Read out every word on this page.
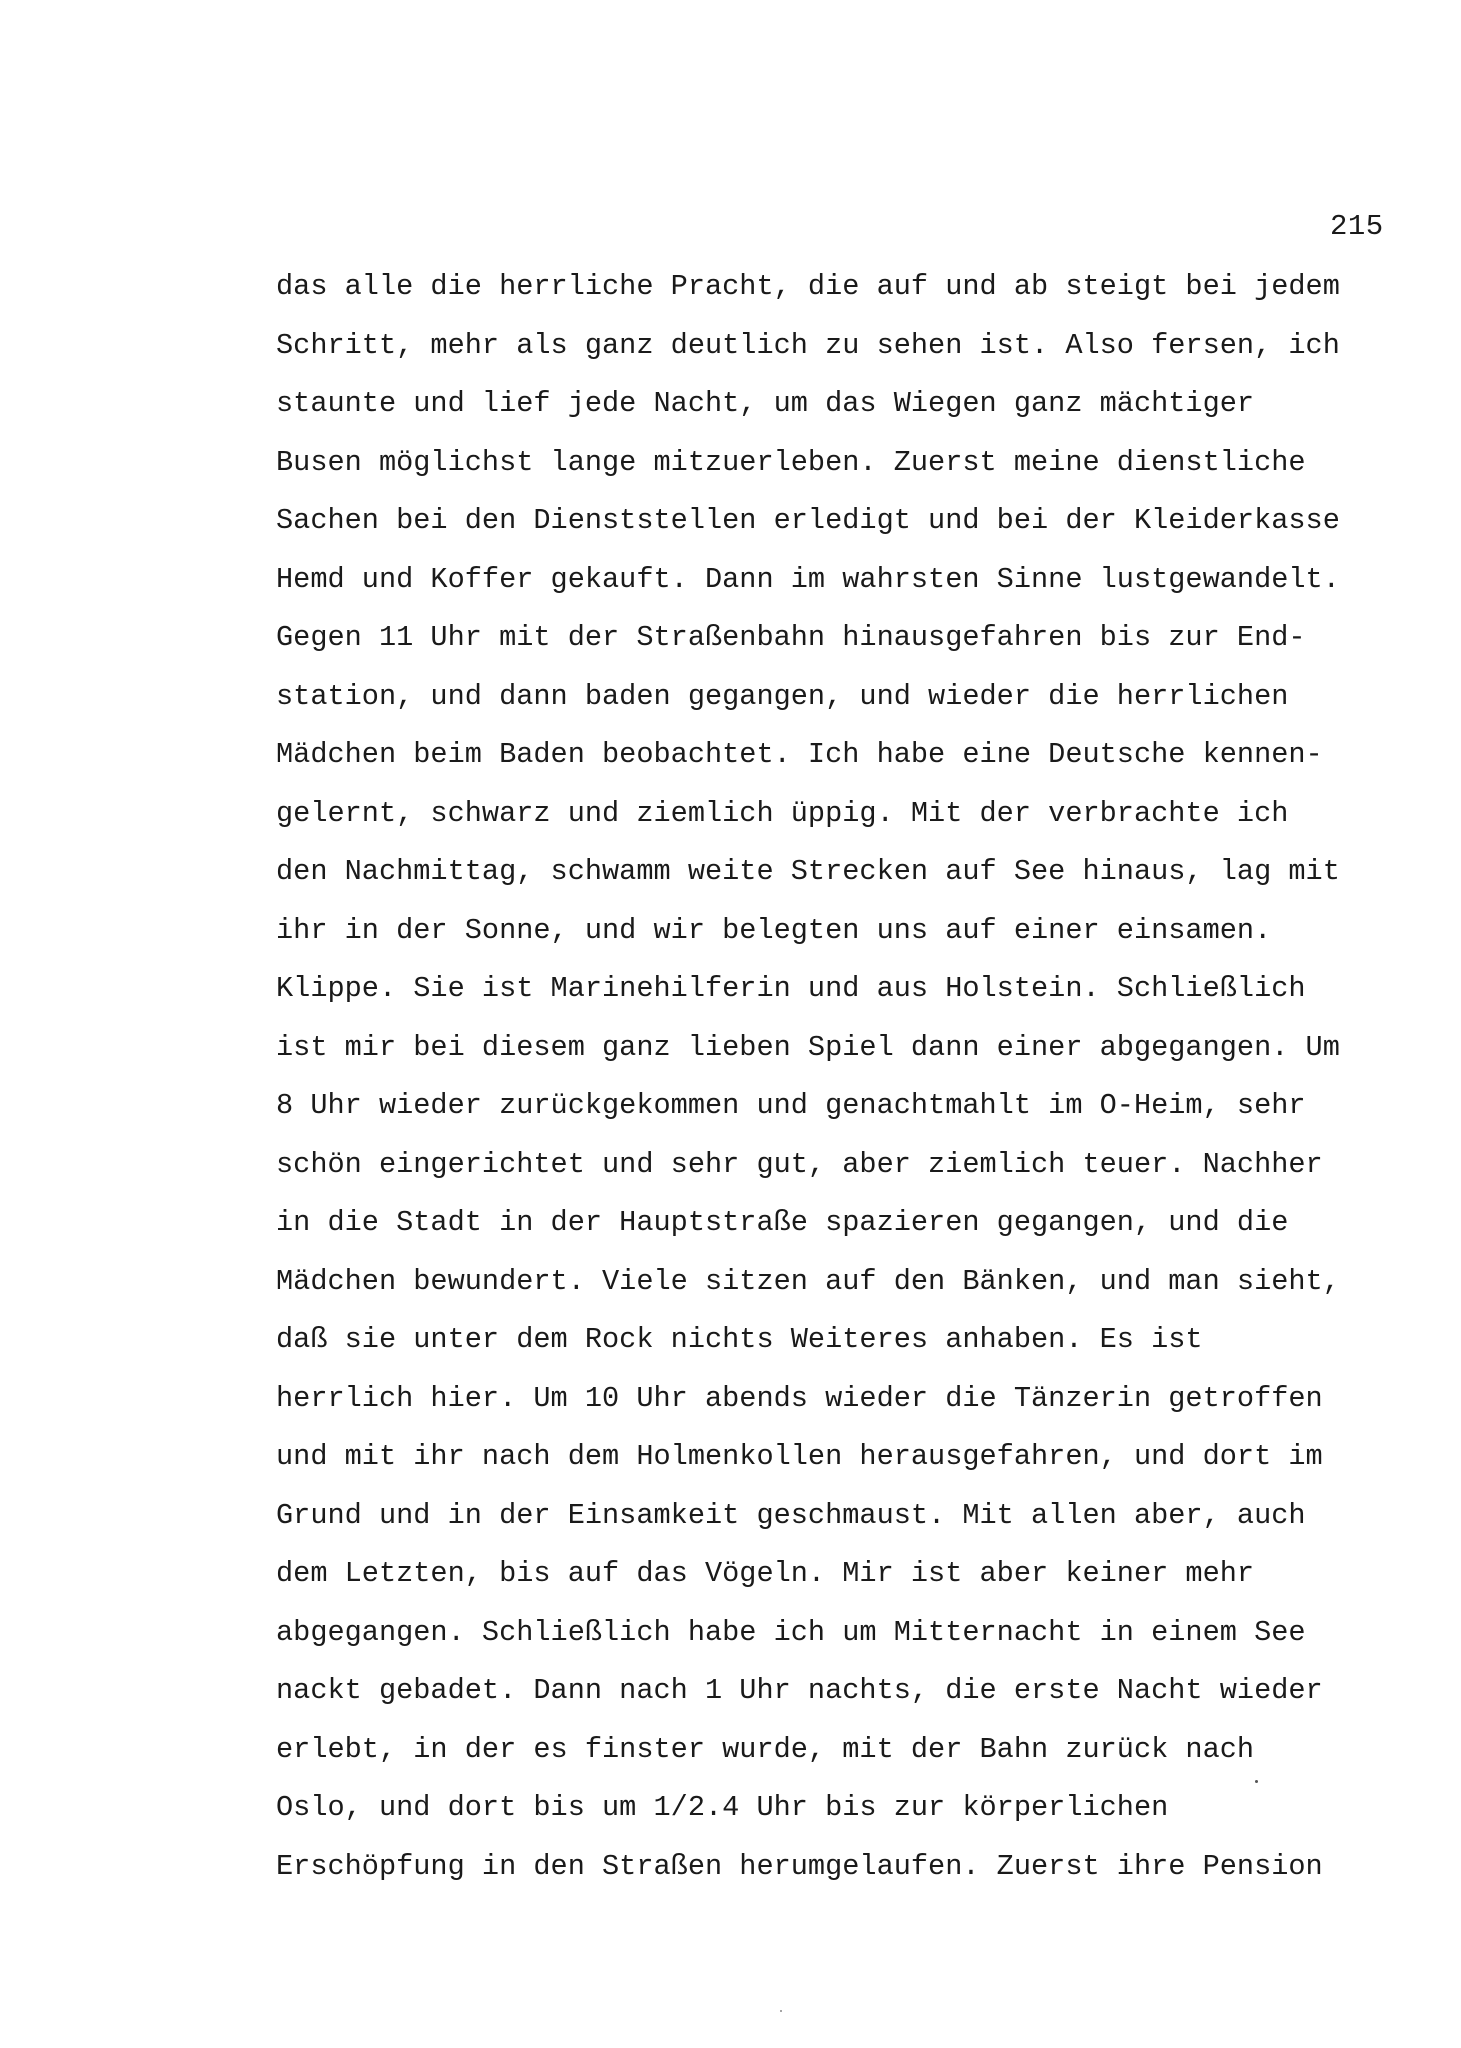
215
das alle die herrliche Pracht, die auf und ab steigt bei jedem
Schritt, mehr als ganz deutlich zu sehen ist. Also fersen, ich
staunte und lief jede Nacht, um das Wiegen ganz mächtiger
Busen möglichst lange mitzuerleben. Zuerst meine dienstliche
Sachen bei den Dienststellen erledigt und bei der Kleiderkasse
Hemd und Koffer gekauft. Dann im wahrsten Sinne lustgewandelt.
Gegen 11 Uhr mit der Straßenbahn hinausgefahren bis zur End-
station, und dann baden gegangen, und wieder die herrlichen
Mädchen beim Baden beobachtet. Ich habe eine Deutsche kennen-
gelernt, schwarz und ziemlich üppig. Mit der verbrachte ich
den Nachmittag, schwamm weite Strecken auf See hinaus, lag mit
ihr in der Sonne, und wir belegten uns auf einer einsamen.
Klippe. Sie ist Marinehilferin und aus Holstein. Schließlich
ist mir bei diesem ganz lieben Spiel dann einer abgegangen. Um
8 Uhr wieder zurückgekommen und genachtmahlt im O-Heim, sehr
schön eingerichtet und sehr gut, aber ziemlich teuer. Nachher
in die Stadt in der Hauptstraße spazieren gegangen, und die
Mädchen bewundert. Viele sitzen auf den Bänken, und man sieht,
daß sie unter dem Rock nichts Weiteres anhaben. Es ist
herrlich hier. Um 10 Uhr abends wieder die Tänzerin getroffen
und mit ihr nach dem Holmenkollen herausgefahren, und dort im
Grund und in der Einsamkeit geschmaust. Mit allen aber, auch
dem Letzten, bis auf das Vögeln. Mir ist aber keiner mehr
abgegangen. Schließlich habe ich um Mitternacht in einem See
nackt gebadet. Dann nach 1 Uhr nachts, die erste Nacht wieder
erlebt, in der es finster wurde, mit der Bahn zurück nach
Oslo, und dort bis um 1/2.4 Uhr bis zur körperlichen
Erschöpfung in den Straßen herumgelaufen. Zuerst ihre Pension
